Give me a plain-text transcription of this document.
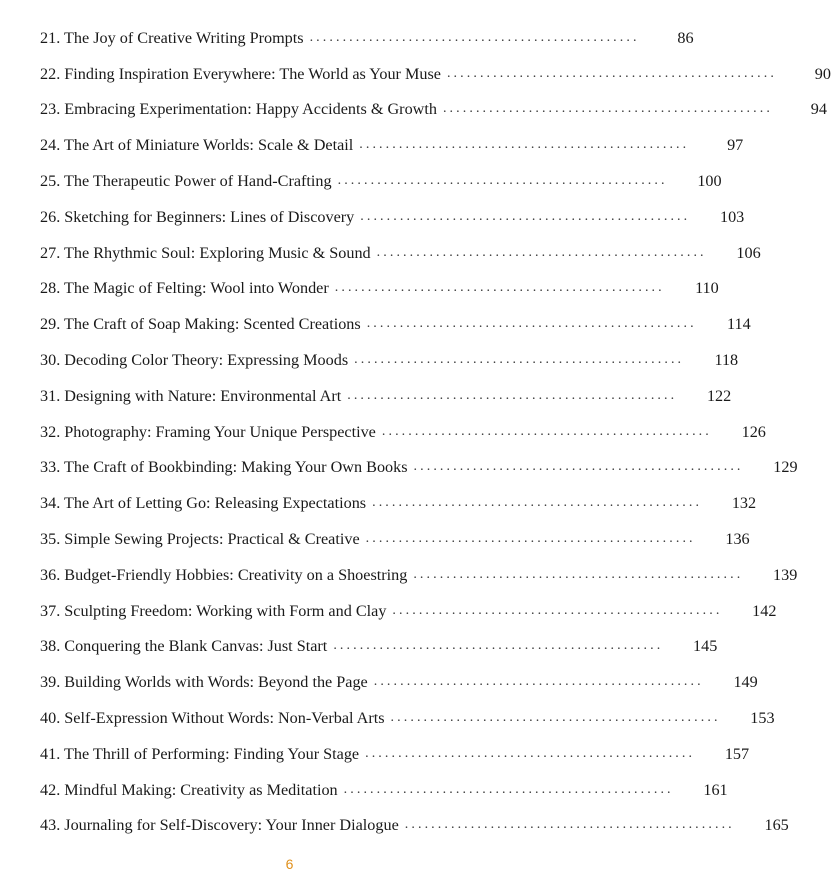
21. The Joy of Creative Writing Prompts ..................................................	86
22. Finding Inspiration Everywhere: The World as Your Muse ..................................................	90
23. Embracing Experimentation: Happy Accidents & Growth ..................................................	94
24. The Art of Miniature Worlds: Scale & Detail ..................................................	97
25. The Therapeutic Power of Hand-Crafting ..................................................	100
26. Sketching for Beginners: Lines of Discovery ..................................................	103
27. The Rhythmic Soul: Exploring Music & Sound ..................................................	106
28. The Magic of Felting: Wool into Wonder ..................................................	110
29. The Craft of Soap Making: Scented Creations ..................................................	114
30. Decoding Color Theory: Expressing Moods ..................................................	118
31. Designing with Nature: Environmental Art ..................................................	122
32. Photography: Framing Your Unique Perspective ..................................................	126
33. The Craft of Bookbinding: Making Your Own Books ..................................................	129
34. The Art of Letting Go: Releasing Expectations ..................................................	132
35. Simple Sewing Projects: Practical & Creative ..................................................	136
36. Budget-Friendly Hobbies: Creativity on a Shoestring ..................................................	139
37. Sculpting Freedom: Working with Form and Clay ..................................................	142
38. Conquering the Blank Canvas: Just Start ..................................................	145
39. Building Worlds with Words: Beyond the Page ..................................................	149
40. Self-Expression Without Words: Non-Verbal Arts ..................................................	153
41. The Thrill of Performing: Finding Your Stage ..................................................	157
42. Mindful Making: Creativity as Meditation ..................................................	161
43. Journaling for Self-Discovery: Your Inner Dialogue ..................................................	165
6
